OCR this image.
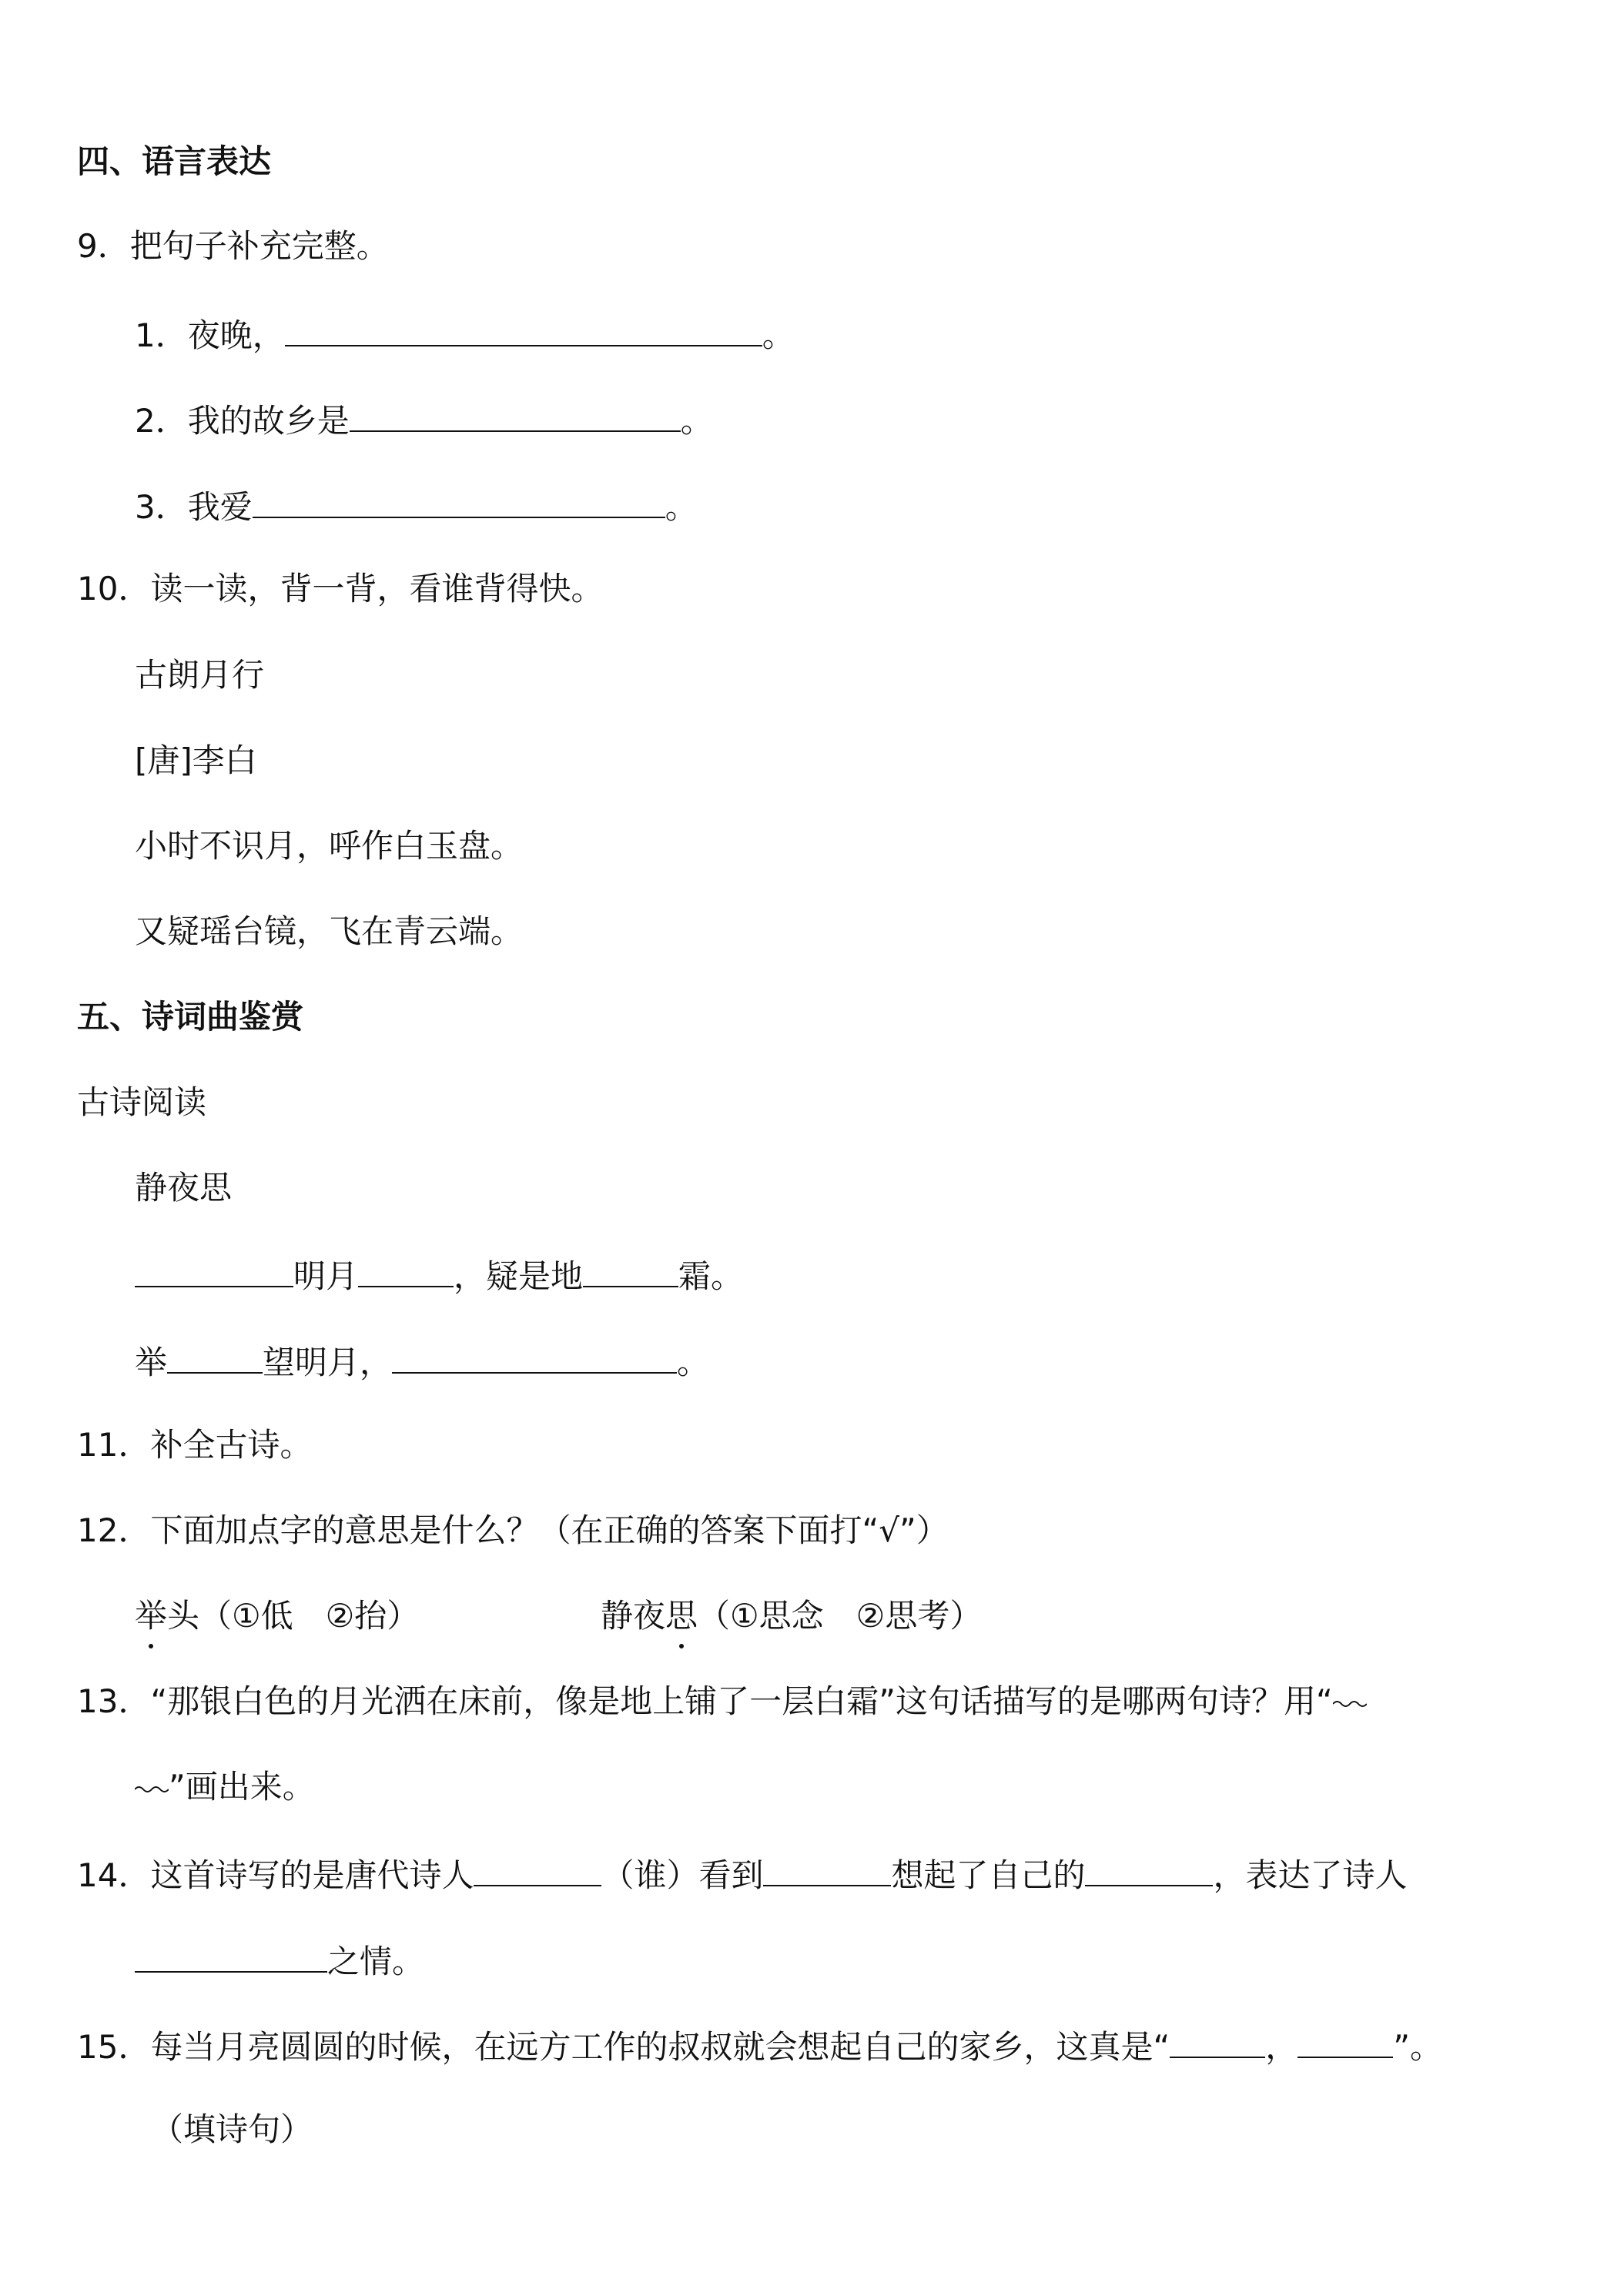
四、语言表达
9．把句子补充完整。
1．夜晚，	。
2．我的故乡是	。
3．我爱	。
10．读一读，背一背，看谁背得快。
古朗月行
[唐]李白
小时不识月，呼作白玉盘。
又疑瑶台镜，飞在青云端。
五、诗词曲鉴赏
古诗阅读
静夜思
明月	，疑是地	霜。
举	望明月，	。
11．补全古诗。
12．下面加点字的意思是什么？（在正确的答案下面打“√”）
举头（①低　②抬）	静夜思（①思念　②思考）
13．“那银白色的月光洒在床前，像是地上铺了一层白霜”这句话描写的是哪两句诗？用“
”画出来。
14．这首诗写的是唐代诗人	（谁）看到	想起了自己的	，表达了诗人
之情。
15．每当月亮圆圆的时候，在远方工作的叔叔就会想起自己的家乡，这真是“	，	”。
（填诗句）
